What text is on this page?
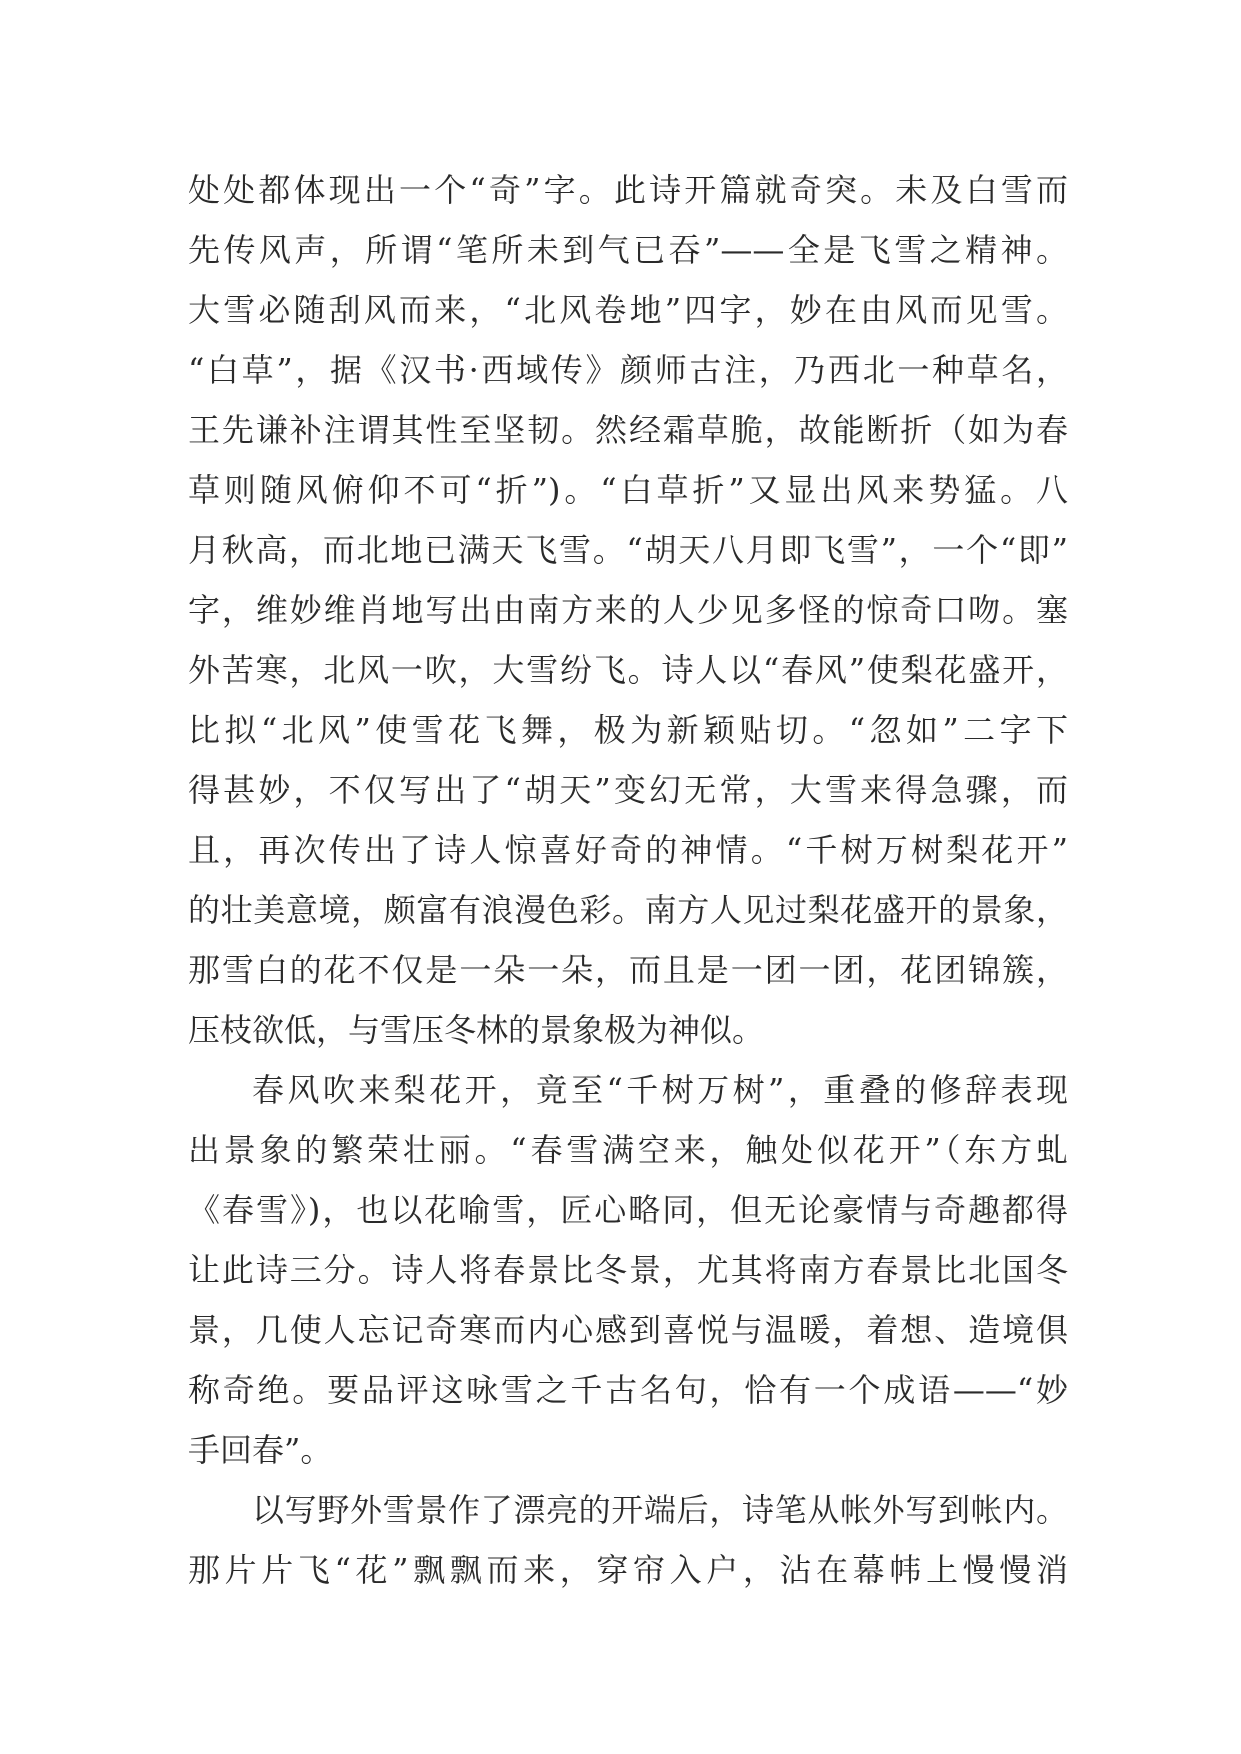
处处都体现出一个“奇”字。此诗开篇就奇突。未及白雪而
先传风声，所谓“笔所未到气已吞”——全是飞雪之精神。
大雪必随刮风而来，“北风卷地”四字，妙在由风而见雪。
“白草”，据《汉书·西域传》颜师古注，乃西北一种草名，
王先谦补注谓其性至坚韧。然经霜草脆，故能断折（如为春
草则随风俯仰不可“折”)。“白草折”又显出风来势猛。八
月秋高，而北地已满天飞雪。“胡天八月即飞雪”，一个“即”
字，维妙维肖地写出由南方来的人少见多怪的惊奇口吻。塞
外苦寒，北风一吹，大雪纷飞。诗人以“春风”使梨花盛开，
比拟“北风”使雪花飞舞，极为新颖贴切。“忽如”二字下
得甚妙，不仅写出了“胡天”变幻无常，大雪来得急骤，而
且，再次传出了诗人惊喜好奇的神情。“千树万树梨花开”
的壮美意境，颇富有浪漫色彩。南方人见过梨花盛开的景象，
那雪白的花不仅是一朵一朵，而且是一团一团，花团锦簇，
压枝欲低，与雪压冬林的景象极为神似。
春风吹来梨花开，竟至“千树万树”，重叠的修辞表现
出景象的繁荣壮丽。“春雪满空来，触处似花开”（东方虬
《春雪》)，也以花喻雪，匠心略同，但无论豪情与奇趣都得
让此诗三分。诗人将春景比冬景，尤其将南方春景比北国冬
景，几使人忘记奇寒而内心感到喜悦与温暖，着想、造境俱
称奇绝。要品评这咏雪之千古名句，恰有一个成语——“妙
手回春”。
以写野外雪景作了漂亮的开端后，诗笔从帐外写到帐内。
那片片飞“花”飘飘而来，穿帘入户，沾在幕帏上慢慢消
